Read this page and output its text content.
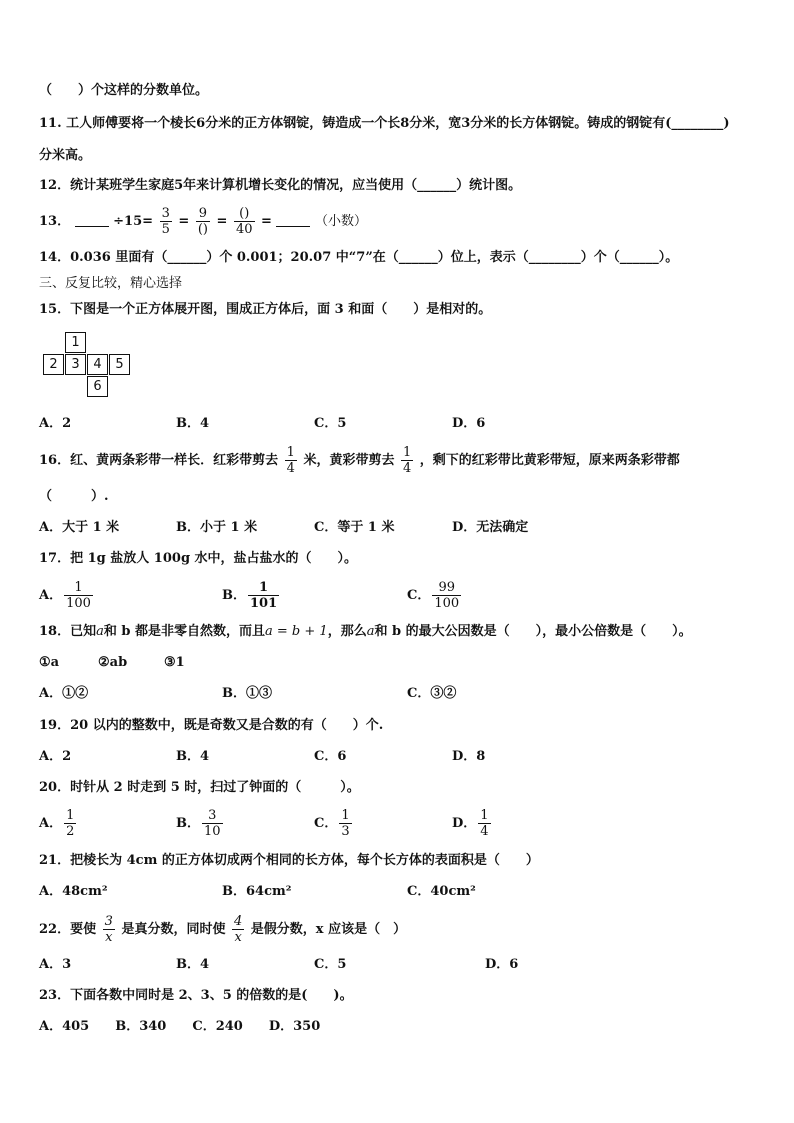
（　　）个这样的分数单位。
11. 工人师傅要将一个棱长6分米的正方体钢锭，铸造成一个长8分米，宽3分米的长方体钢锭。铸成的钢锭有(________)
分米高。
12．统计某班学生家庭5年来计算机增长变化的情况，应当使用（______）统计图。
13．	$\div 15= \frac{3}{5} = \frac{9}{()} = \frac{()}{40}$ =	（小数）
14．0.036 里面有（______）个 0.001；20.07 中“7”在（______）位上，表示（________）个（______）。
三、反复比较，精心选择
15．下图是一个正方体展开图，围成正方体后，面 3 和面（　　）是相对的。
1
2	3	4	5
6
A．2	B．4	C．5	D．6
16．红、黄两条彩带一样长．红彩带剪去 $\frac{1}{4}$ 米，黄彩带剪去 $\frac{1}{4}$ ，剩下的红彩带比黄彩带短，原来两条彩带都
（　　　）.
A．大于 1 米	B．小于 1 米	C．等于 1 米	D．无法确定
17．把 1g 盐放人 100g 水中，盐占盐水的（　　）。
A． $\frac{1}{100}$	B． $\frac{1}{101}$	C． $\frac{99}{100}$
18．已知a和 b 都是非零自然数，而且a = b + 1，那么a和 b 的最大公因数是（　　），最小公倍数是（　　）。
①a	②ab	③1
A．①②	B．①③	C．③②
19．20 以内的整数中，既是奇数又是合数的有（　　）个.
A．2	B．4	C．6	D．8
20．时针从 2 时走到 5 时，扫过了钟面的（　　　）。
A． $\frac{1}{2}$	B． $\frac{3}{10}$	C． $\frac{1}{3}$	D． $\frac{1}{4}$
21．把棱长为 4cm 的正方体切成两个相同的长方体，每个长方体的表面积是（　　）
A．48cm²	B．64cm²	C．40cm²
22．要使 $\frac{3}{x}$ 是真分数，同时使 $\frac{4}{x}$ 是假分数，x 应该是（　）
A．3	B．4	C．5	D．6
23．下面各数中同时是 2、3、5 的倍数的是(　　)。
A．405　　B．340　　C．240　　D．350
